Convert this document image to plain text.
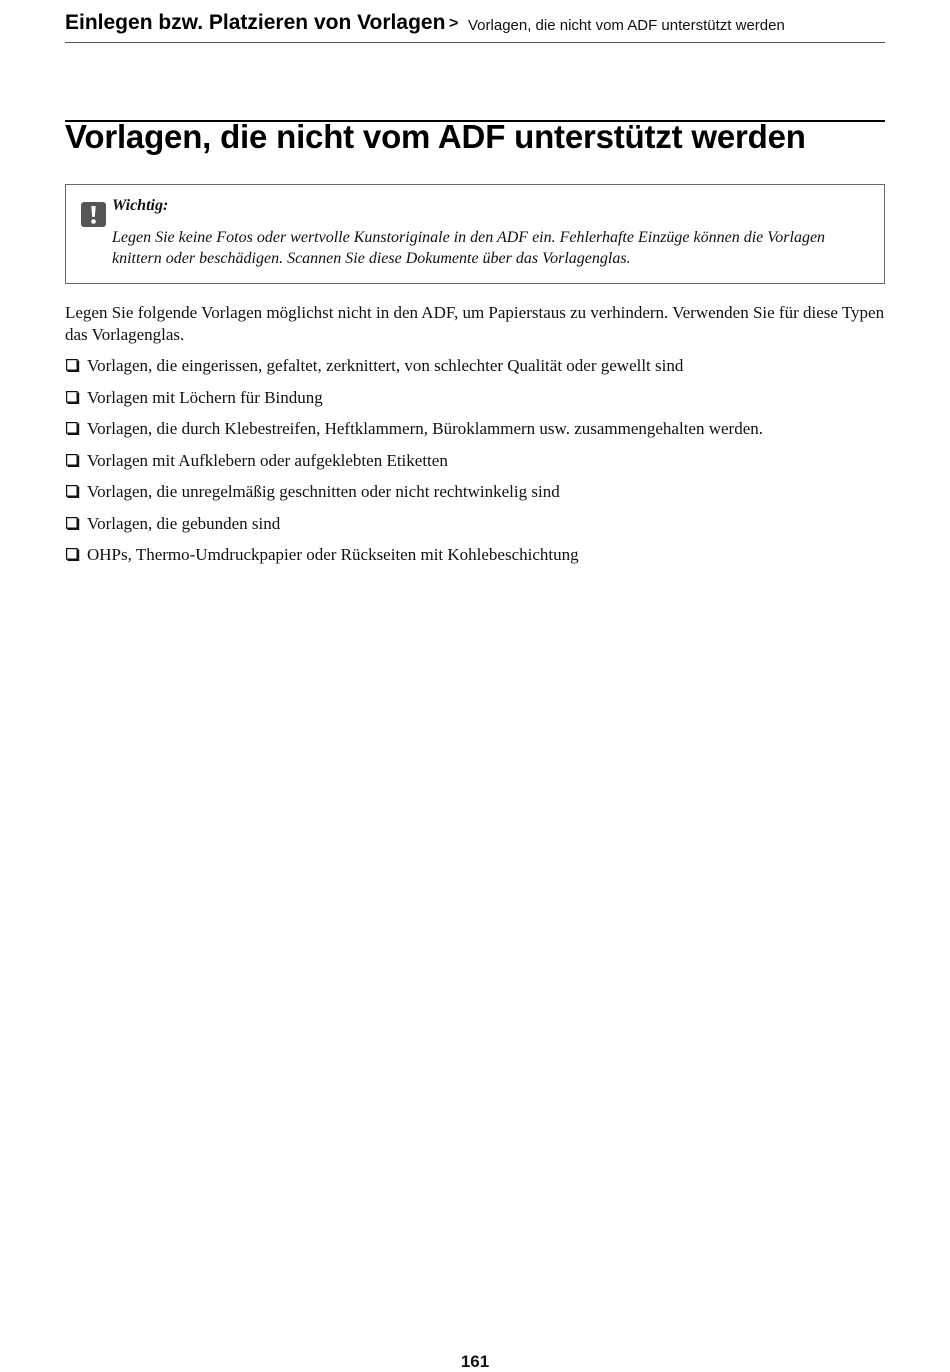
Einlegen bzw. Platzieren von Vorlagen > Vorlagen, die nicht vom ADF unterstützt werden
Vorlagen, die nicht vom ADF unterstützt werden
Wichtig:
Legen Sie keine Fotos oder wertvolle Kunstoriginale in den ADF ein. Fehlerhafte Einzüge können die Vorlagen knittern oder beschädigen. Scannen Sie diese Dokumente über das Vorlagenglas.

Legen Sie folgende Vorlagen möglichst nicht in den ADF, um Papierstaus zu verhindern. Verwenden Sie für diese Typen das Vorlagenglas.

Vorlagen, die eingerissen, gefaltet, zerknittert, von schlechter Qualität oder gewellt sind
Vorlagen mit Löchern für Bindung
Vorlagen, die durch Klebestreifen, Heftklammern, Büroklammern usw. zusammengehalten werden.
Vorlagen mit Aufklebern oder aufgeklebten Etiketten
Vorlagen, die unregelmäßig geschnitten oder nicht rechtwinkelig sind
Vorlagen, die gebunden sind
OHPs, Thermo-Umdruckpapier oder Rückseiten mit Kohlebeschichtung
161
